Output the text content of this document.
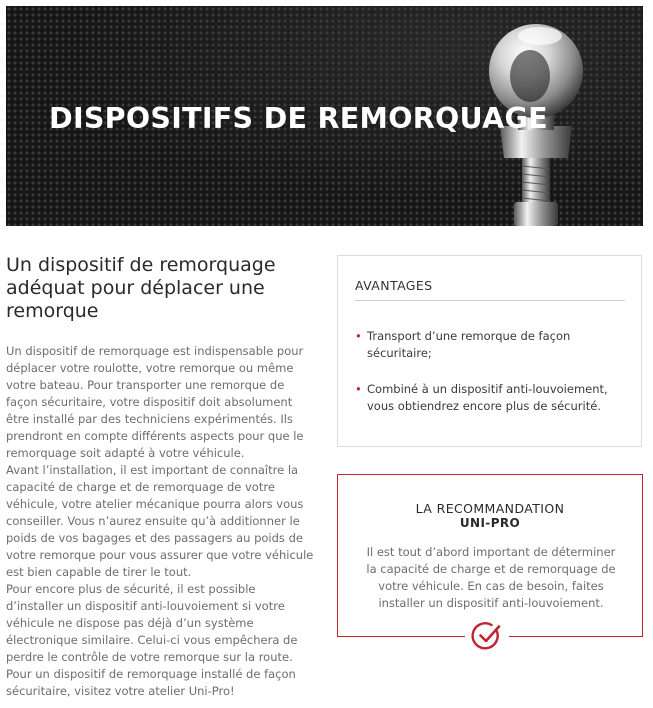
DISPOSITIFS DE REMORQUAGE
Un dispositif de remorquage adéquat pour déplacer une remorque

Un dispositif de remorquage est indispensable pour déplacer votre roulotte, votre remorque ou même votre bateau. Pour transporter une remorque de façon sécuritaire, votre dispositif doit absolument être installé par des techniciens expérimentés. Ils prendront en compte différents aspects pour que le remorquage soit adapté à votre véhicule.
Avant l’installation, il est important de connaître la capacité de charge et de remorquage de votre véhicule, votre atelier mécanique pourra alors vous conseiller. Vous n’aurez ensuite qu’à additionner le poids de vos bagages et des passagers au poids de votre remorque pour vous assurer que votre véhicule est bien capable de tirer le tout.
Pour encore plus de sécurité, il est possible d’installer un dispositif anti-louvoiement si votre véhicule ne dispose pas déjà d’un système électronique similaire. Celui-ci vous empêchera de perdre le contrôle de votre remorque sur la route. Pour un dispositif de remorquage installé de façon sécuritaire, visitez votre atelier Uni-Pro!

AVANTAGES
• Transport d’une remorque de façon sécuritaire;
• Combiné à un dispositif anti-louvoiement, vous obtiendrez encore plus de sécurité.
LA RECOMMANDATION
UNI-PRO

Il est tout d’abord important de déterminer la capacité de charge et de remorquage de votre véhicule. En cas de besoin, faites installer un dispositif anti-louvoiement.
